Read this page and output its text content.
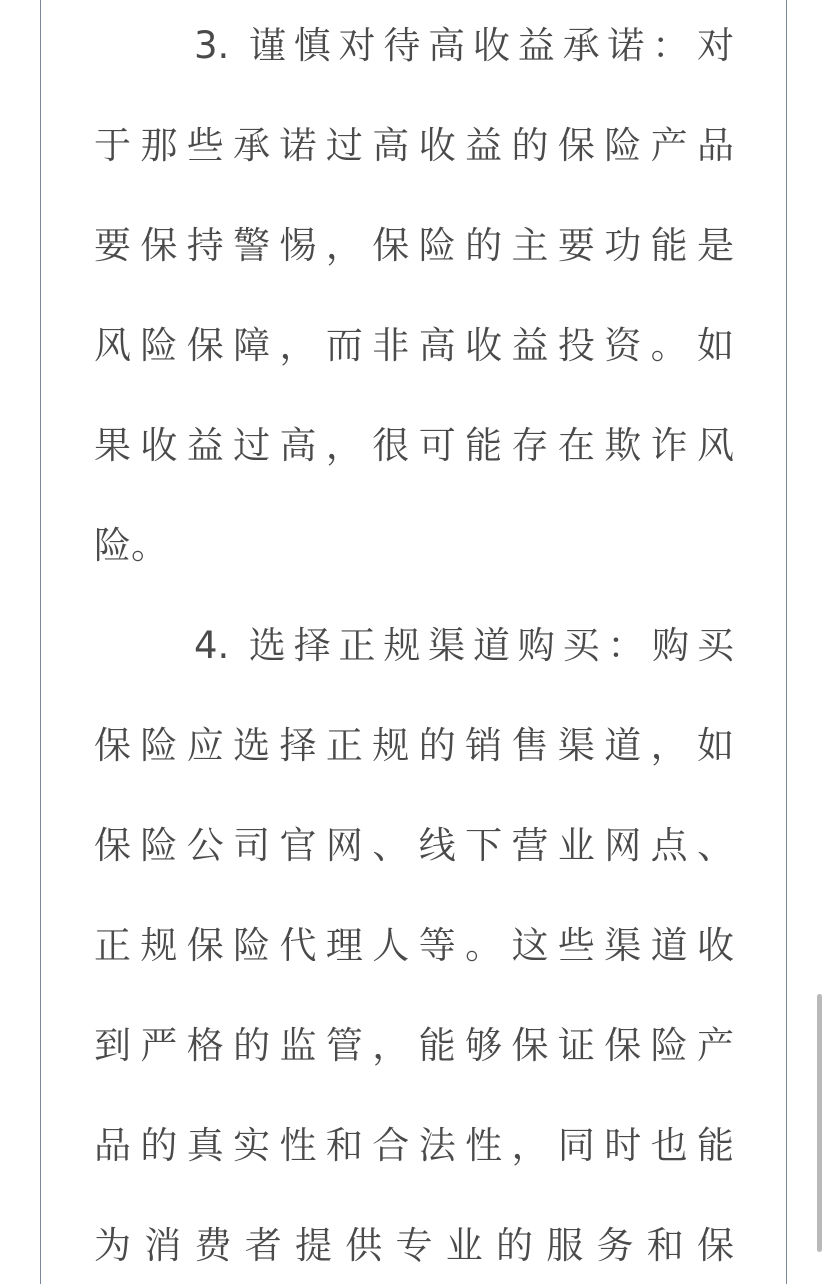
3. 谨慎对待高收益承诺：对
于那些承诺过高收益的保险产品
要保持警惕，保险的主要功能是
风险保障，而非高收益投资。如
果收益过高，很可能存在欺诈风
险。
4. 选择正规渠道购买：购买
保险应选择正规的销售渠道，如
保险公司官网、线下营业网点、
正规保险代理人等。这些渠道收
到严格的监管，能够保证保险产
品的真实性和合法性，同时也能
为消费者提供专业的服务和保
